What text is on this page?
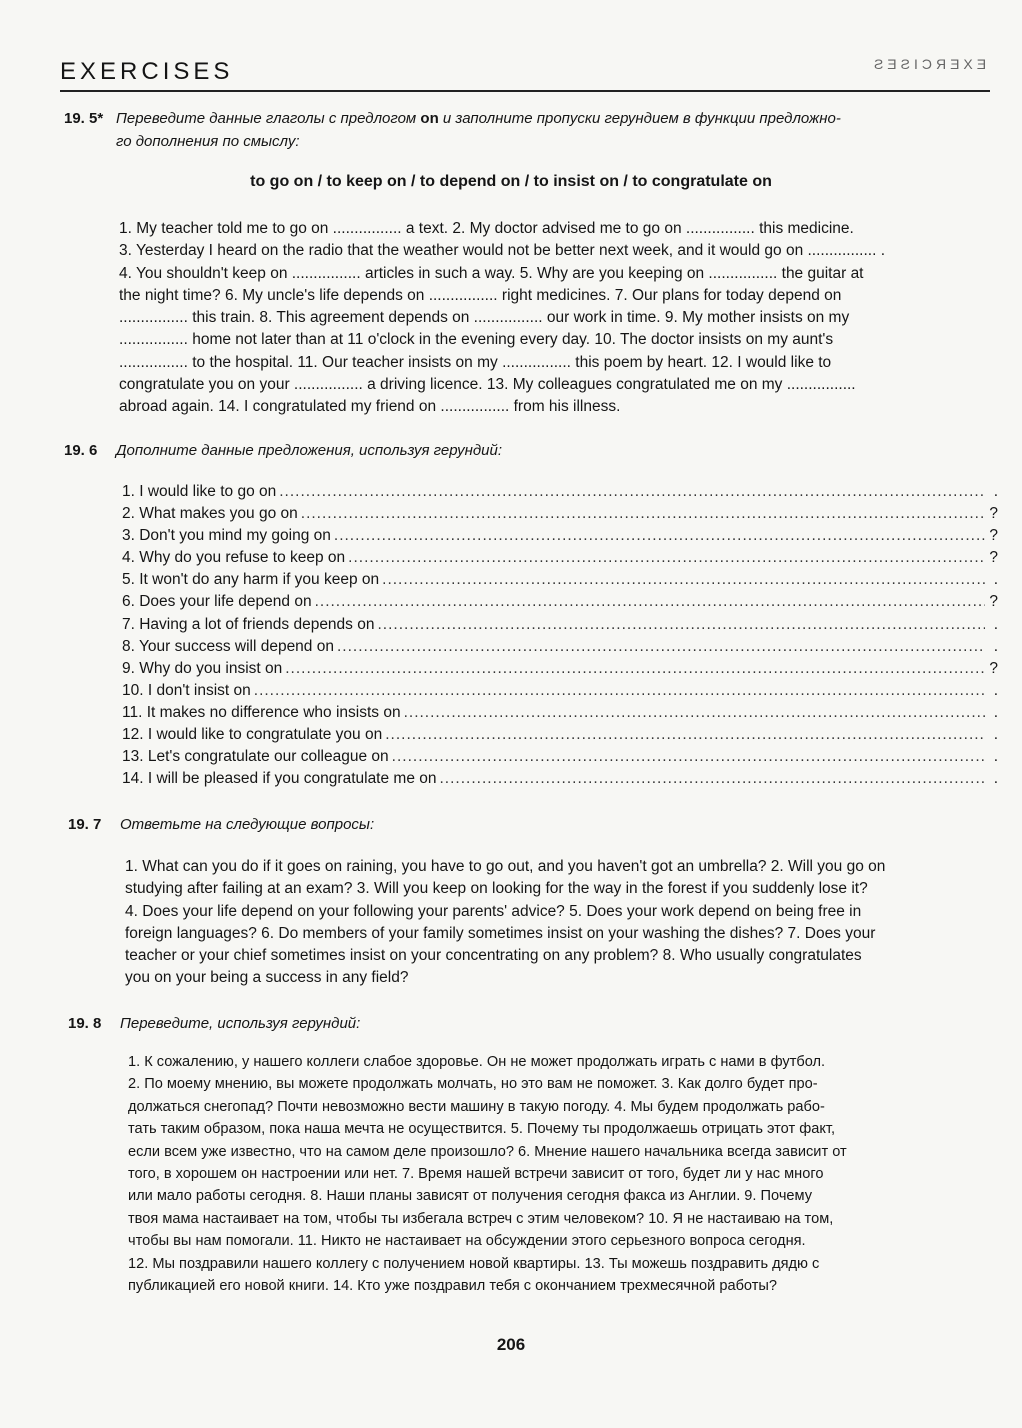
EXERCISES	EXERCISES
19. 5* Переведите данные глаголы с предлогом on и заполните пропуски герундием в функции предложно-
го дополнения по смыслу:
to go on / to keep on / to depend on / to insist on / to congratulate on
1. My teacher told me to go on ................ a text. 2. My doctor advised me to go on ................ this medicine.
3. Yesterday I heard on the radio that the weather would not be better next week, and it would go on ................ .
4. You shouldn't keep on ................ articles in such a way. 5. Why are you keeping on ................ the guitar at
the night time? 6. My uncle's life depends on ................ right medicines. 7. Our plans for today depend on
................ this train. 8. This agreement depends on ................ our work in time. 9. My mother insists on my
................ home not later than at 11 o'clock in the evening every day. 10. The doctor insists on my aunt's
................ to the hospital. 11. Our teacher insists on my ................ this poem by heart. 12. I would like to
congratulate you on your ................ a driving licence. 13. My colleagues congratulated me on my ................
abroad again. 14. I congratulated my friend on ................ from his illness.
19. 6 Дополните данные предложения, используя герундий:
1. I would like to go on .....	.
2. What makes you go on .....	?
3. Don't you mind my going on .....	?
4. Why do you refuse to keep on .....	?
5. It won't do any harm if you keep on .....	.
6. Does your life depend on .....	?
7. Having a lot of friends depends on .....	.
8. Your success will depend on .....	.
9. Why do you insist on .....	?
10. I don't insist on .....	.
11. It makes no difference who insists on .....	.
12. I would like to congratulate you on .....	.
13. Let's congratulate our colleague on .....	.
14. I will be pleased if you congratulate me on .....	.
19. 7 Ответьте на следующие вопросы:
1. What can you do if it goes on raining, you have to go out, and you haven't got an umbrella? 2. Will you go on
studying after failing at an exam? 3. Will you keep on looking for the way in the forest if you suddenly lose it?
4. Does your life depend on your following your parents' advice? 5. Does your work depend on being free in
foreign languages? 6. Do members of your family sometimes insist on your washing the dishes? 7. Does your
teacher or your chief sometimes insist on your concentrating on any problem? 8. Who usually congratulates
you on your being a success in any field?
19. 8 Переведите, используя герундий:
1. К сожалению, у нашего коллеги слабое здоровье. Он не может продолжать играть с нами в футбол.
2. По моему мнению, вы можете продолжать молчать, но это вам не поможет. 3. Как долго будет про-
должаться снегопад? Почти невозможно вести машину в такую погоду. 4. Мы будем продолжать рабо-
тать таким образом, пока наша мечта не осуществится. 5. Почему ты продолжаешь отрицать этот факт,
если всем уже известно, что на самом деле произошло? 6. Мнение нашего начальника всегда зависит от
того, в хорошем он настроении или нет. 7. Время нашей встречи зависит от того, будет ли у нас много
или мало работы сегодня. 8. Наши планы зависят от получения сегодня факса из Англии. 9. Почему
твоя мама настаивает на том, чтобы ты избегала встреч с этим человеком? 10. Я не настаиваю на том,
чтобы вы нам помогали. 11. Никто не настаивает на обсуждении этого серьезного вопроса сегодня.
12. Мы поздравили нашего коллегу с получением новой квартиры. 13. Ты можешь поздравить дядю с
публикацией его новой книги. 14. Кто уже поздравил тебя с окончанием трехмесячной работы?
206
